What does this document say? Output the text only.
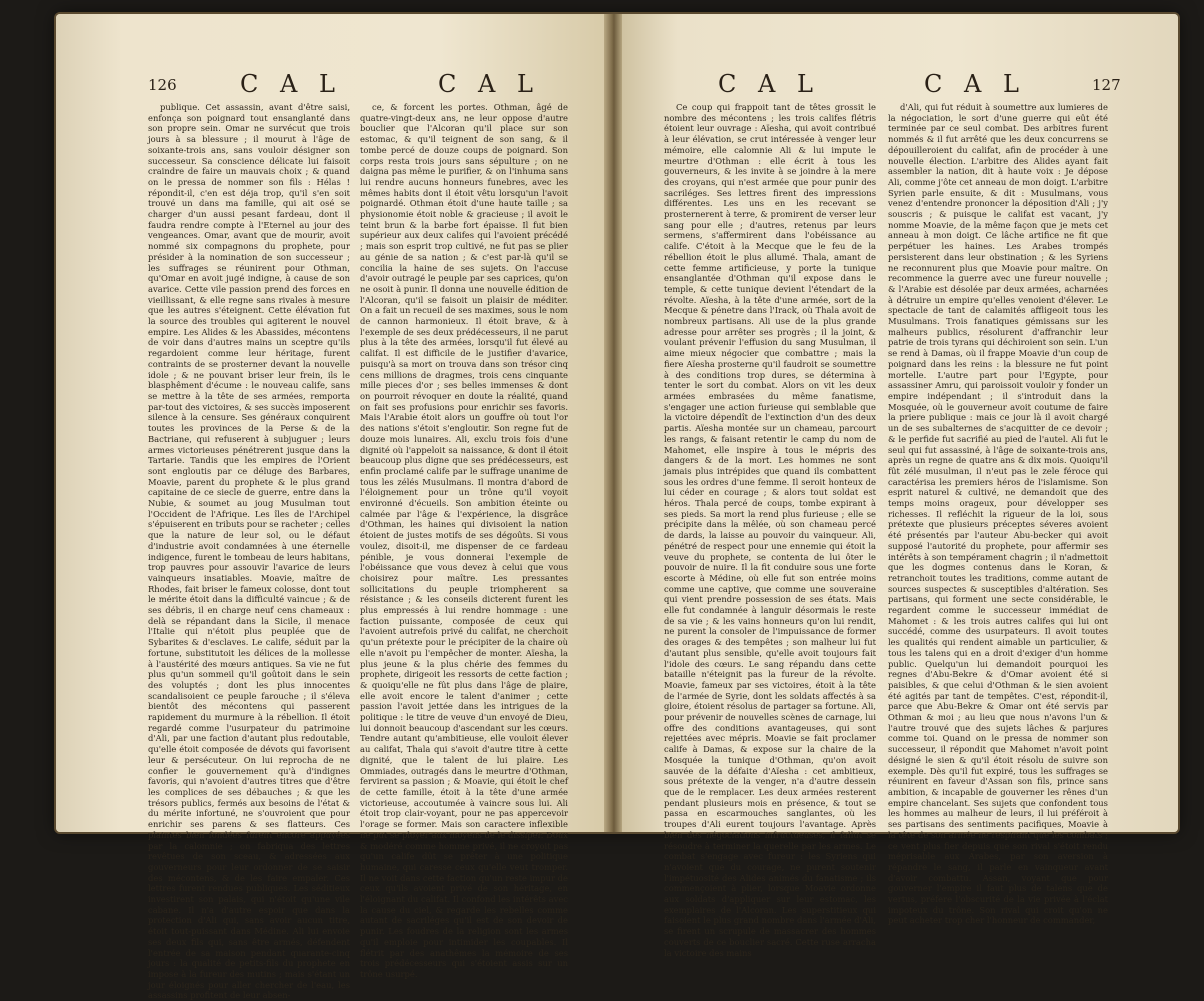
126	C A L	C A L

publique. Cet assassin, avant d'être saisi, enfonça son poignard tout ensanglanté dans son propre sein. Omar ne survécut que trois jours à sa blessure ; il mourut à l'âge de soixante-trois ans, sans vouloir désigner son successeur. Sa conscience délicate lui faisoit craindre de faire un mauvais choix ; & quand on le pressa de nommer son fils : Hélas ! répondit-il, c'en est déja trop, qu'il s'en soit trouvé un dans ma famille, qui ait osé se charger d'un aussi pesant fardeau, dont il faudra rendre compte à l'Eternel au jour des vengeances. Omar, avant que de mourir, avoit nommé six compagnons du prophete, pour présider à la nomination de son successeur ; les suffrages se réunirent pour Othman, qu'Omar en avoit jugé indigne, à cause de son avarice. Cette vile passion prend des forces en vieillissant, & elle regne sans rivales à mesure que les autres s'éteignent. Cette élévation fut la source des troubles qui agiterent le nouvel empire. Les Alides & les Abassides, mécontens de voir dans d'autres mains un sceptre qu'ils regardoient comme leur héritage, furent contraints de se prosterner devant la nouvelle idole ; & ne pouvant briser leur frein, ils le blasphêment d'écume : le nouveau calife, sans se mettre à la tête de ses armées, remporta par-tout des victoires, & ses succès imposerent silence à la censure. Ses généraux conquirent toutes les provinces de la Perse & de la Bactriane, qui refuserent à subjuguer ; leurs armes victorieuses pénétrerent jusque dans la Tartarie. Tandis que les empires de l'Orient sont engloutis par ce déluge des Barbares, Moavie, parent du prophete & le plus grand capitaine de ce siecle de guerre, entre dans la Nubie, & soumet au joug Musulman tout l'Occident de l'Afrique. Les îles de l'Archipel s'épuiserent en tributs pour se racheter ; celles que la nature de leur sol, ou le défaut d'industrie avoit condamnées à une éternelle indigence, furent le tombeau de leurs habitans, trop pauvres pour assouvir l'avarice de leurs vainqueurs insatiables. Moavie, maître de Rhodes, fait briser le fameux colosse, dont tout le mérite étoit dans la difficulté vaincue ; & de ses débris, il en charge neuf cens chameaux : delà se répandant dans la Sicile, il menace l'Italie qui n'étoit plus peuplée que de Sybarites & d'esclaves. Le calife, séduit par la fortune, substitutoit les délices de la mollesse à l'austérité des mœurs antiques. Sa vie ne fut plus qu'un sommeil qu'il goûtoit dans le sein des voluptés ; dont les plus innocentes scandalisoient ce peuple farouche ; il s'éleva bientôt des mécontens qui passerent rapidement du murmure à la rébellion. Il étoit regardé comme l'usurpateur du patrimoine d'Ali, par une faction d'autant plus redoutable, qu'elle étoit composée de dévots qui favorisent leur & persécuteur. On lui reprocha de ne confier le gouvernement qu'à d'indignes favoris, qui n'avoient d'autres titres que d'être les complices de ses débauches ; & que les trésors publics, fermés aux besoins de l'état & du mérite infortuné, ne s'ouvroient que pour enrichir ses parens & ses flatteurs. Ces plaintes bien fondées furent encore appuyées par la calomnie ; on fabriqua des lettres revêtues de son sceau, & adressées aux gouverneurs pour leur ordonner de se saisir des mécontens, & de les faire empaler. Ces lettres furent rendues publiques. Les séditieux investirent son palais, qui n'étoit qu'une vile cabane. Il n'a d'autre espoir que dans la protection d'Ali qui, sans avoir aucun titre, étoit tout-puissant dans Médine. Ali lui envoie ses deux fils qui, sans être armés, défendent l'entrée de sa maison pendant quarante-cinq jours : la qualité de petits-fils du prophete en impose à la fureur des mutins ; mais s'étant un jour éloignés pour aller chercher de l'eau, les assassins profitent de leur absen-

ce, & forcent les portes. Othman, âgé de quatre-vingt-deux ans, ne leur oppose d'autre bouclier que l'Alcoran qu'il place sur son estomac, & qu'il teignent de son sang, & il tombe percé de douze coups de poignard. Son corps resta trois jours sans sépulture ; on ne daigna pas même le purifier, & on l'inhuma sans lui rendre aucuns honneurs funebres, avec les mêmes habits dont il étoit vêtu lorsqu'un l'avoit poignardé. Othman étoit d'une haute taille ; sa physionomie étoit noble & gracieuse ; il avoit le teint brun & la barbe fort épaisse. Il fut bien supérieur aux deux califes qui l'avoient précédé ; mais son esprit trop cultivé, ne fut pas se plier au génie de sa nation ; & c'est par-là qu'il se concilia la haine de ses sujets. On l'accuse d'avoir outragé le peuple par ses caprices, qu'on ne osoit à punir. Il donna une nouvelle édition de l'Alcoran, qu'il se faisoit un plaisir de méditer. On a fait un recueil de ses maximes, sous le nom de cannon harmonieux. Il étoit brave, & à l'exemple de ses deux prédécesseurs, il ne parut plus à la tête des armées, lorsqu'il fut élevé au califat. Il est difficile de le justifier d'avarice, puisqu'à sa mort on trouva dans son trésor cinq cens millions de dragmes, trois cens cinquante mille pieces d'or ; ses belles immenses & dont on pourroit révoquer en doute la réalité, quand on fait ses profusions pour enrichir ses favoris. Mais l'Arabie étoit alors un gouffre où tout l'or des nations s'étoit s'engloutir. Son regne fut de douze mois lunaires. Ali, exclu trois fois d'une dignité où l'appeloit sa naissance, & dont il étoit beaucoup plus digne que ses prédécesseurs, est enfin proclamé calife par le suffrage unanime de tous les zélés Musulmans. Il montra d'abord de l'éloignement pour un trône qu'il voyoit environné d'écueils. Son ambition éteinte ou calmée par l'âge & l'expérience, la disgrâce d'Othman, les haines qui divisoient la nation étoient de justes motifs de ses dégoûts. Si vous voulez, disoit-il, me dispenser de ce fardeau pénible, je vous donnerai l'exemple de l'obéissance que vous devez à celui que vous choisirez pour maître. Les pressantes sollicitations du peuple triompherent sa résistance ; & les conseils dicterent furent les plus empressés à lui rendre hommage : une faction puissante, composée de ceux qui l'avoient autrefois privé du califat, ne cherchoit qu'un prétexte pour le précipiter de la chaire où elle n'avoit pu l'empêcher de monter. Aïesha, la plus jeune & la plus chérie des femmes du prophete, dirigeoit les ressorts de cette faction ; & quoiqu'elle ne fût plus dans l'âge de plaire, elle avoit encore le talent d'animer ; cette passion l'avoit jettée dans les intrigues de la politique : le titre de veuve d'un envoyé de Dieu, lui donnoit beaucoup d'ascendant sur les cœurs. Tendre autant qu'ambitieuse, elle vouloit élever au califat, Thala qui s'avoit d'autre titre à cette dignité, que le talent de lui plaire. Les Ommiades, outragés dans le meurtre d'Othman, fervirent sa passion ; & Moavie, qui étoit le chef de cette famille, étoit à la tête d'une armée victorieuse, accoutumée à vaincre sous lui. Ali étoit trop clair-voyant, pour ne pas appercevoir l'orage se former. Mais son caractere inflexible ne put se ployer aux moyens de le dissiper. Doux & modéré comme homme privé, il ne croyoit pas qu'un calife dût se prêter à une politique humaine, qui caresse ceux qu'elle veut tromper. Il ne voit dans cette faction qu'un reste impur de ceux qu'ils avoient privé de son héritage, en l'éloignant du califat. Il confond les intérêts avec la cause du ciel, & regarde les rebelles comme autant de sacriléges qu'il est de son devoir de punir. Les foudres de la religion sont les armes qu'il emploie pour intimider les coupables. Il flétrit par des anathêmes la mémoire de ses trois prédécesseurs qui s'étoient assis sur un trône usurpé.

C A L	C A L	127

Ce coup qui frappoit tant de têtes grossit le nombre des mécontens ; les trois califes flétris étoient leur ouvrage : Aïesha, qui avoit contribué à leur élévation, se crut intéressée à venger leur mémoire, elle calomnie Ali & lui impute le meurtre d'Othman : elle écrit à tous les gouverneurs, & les invite à se joindre à la mere des croyans, qui n'est armée que pour punir des sacriléges. Ses lettres firent des impressions différentes. Les uns en les recevant se prosternerent à terre, & promirent de verser leur sang pour elle ; d'autres, retenus par leurs sermens, s'affermirent dans l'obéissance au calife. C'étoit à la Mecque que le feu de la rébellion étoit le plus allumé. Thala, amant de cette femme artificieuse, y porte la tunique ensanglantée d'Othman qu'il expose dans le temple, & cette tunique devient l'étendart de la révolte. Aïesha, à la tête d'une armée, sort de la Mecque & pénetre dans l'Irack, où Thala avoit de nombreux partisans. Ali use de la plus grande adresse pour arrêter ses progrès ; il la joint, & voulant prévenir l'effusion du sang Musulman, il aime mieux négocier que combattre ; mais la fiere Aïesha prosterne qu'il faudroit se soumettre à des conditions trop dures, se détermina à tenter le sort du combat. Alors on vit les deux armées embrasées du même fanatisme, s'engager une action furieuse qui semblable que la victoire dépendît de l'extinction d'un des deux partis. Aïesha montée sur un chameau, parcourt les rangs, & faisant retentir le camp du nom de Mahomet, elle inspire à tous le mépris des dangers & de la mort. Les hommes ne sont jamais plus intrépides que quand ils combattent sous les ordres d'une femme. Il seroit honteux de lui céder en courage ; & alors tout soldat est héros. Thala percé de coups, tombe expirant à ses pieds. Sa mort la rend plus furieuse ; elle se précipite dans la mêlée, où son chameau percé de dards, la laisse au pouvoir du vainqueur. Ali, pénétré de respect pour une ennemie qui étoit la veuve du prophete, se contenta de lui ôter le pouvoir de nuire. Il la fit conduire sous une forte escorte à Médine, où elle fut son entrée moins comme une captive, que comme une souveraine qui vient prendre possession de ses états. Mais elle fut condamnée à languir désormais le reste de sa vie ; & les vains honneurs qu'on lui rendit, ne purent la consoler de l'impuissance de former des orages & des tempêtes ; son malheur lui fut d'autant plus sensible, qu'elle avoit toujours fait l'idole des cœurs. Le sang répandu dans cette bataille n'éteignit pas la fureur de la révolte. Moavie, fameux par ses victoires, étoit à la tête de l'armée de Syrie, dont les soldats affectés à sa gloire, étoient résolus de partager sa fortune. Ali, pour prévenir de nouvelles scènes de carnage, lui offre des conditions avantageuses, qui sont rejettées avec mépris. Moavie se fait proclamer calife à Damas, & expose sur la chaire de la Mosquée la tunique d'Othman, qu'on avoit sauvée de la défaite d'Aïesha : cet ambitieux, sous prétexte de la venger, n'a d'autre dessein que de le remplacer. Les deux armées resterent pendant plusieurs mois en présence, & tout se passa en escarmouches sanglantes, où les troupes d'Ali eurent toujours l'avantage. Après bien des négociations infructueuses, il fallut se résoudre à terminer la querelle par les armes. Le combat s'engage avec fureur : les Syriens qui n'avoient que du courage, ne purent soutenir l'impétuosité des Alides animés du fanatisme ; ils commençoient à plier, lorsque Moavie ordonne aux soldats d'appliquer sur leur estomac, les exemplaires de l'Alcoran. Les superstitieux qui faisoient le plus grand nombre dans l'armée d'Ali, se firent un scrupule de massacrer des hommes couverts de ce bouclier sacré. Cette ruse arracha la victoire des mains

d'Ali, qui fut réduit à soumettre aux lumieres de la négociation, le sort d'une guerre qui eût été terminée par ce seul combat. Des arbitres furent nommés & il fut arrêté que les deux concurrens se dépouilleroient du califat, afin de procéder à une nouvelle élection. L'arbitre des Alides ayant fait assembler la nation, dit à haute voix : Je dépose Ali, comme j'ôte cet anneau de mon doigt. L'arbitre Syrien parle ensuite, & dit : Musulmans, vous venez d'entendre prononcer la déposition d'Ali ; j'y souscris ; & puisque le califat est vacant, j'y nomme Moavie, de la même façon que je mets cet anneau à mon doigt. Ce lâche artifice ne fit que perpétuer les haines. Les Arabes trompés persisterent dans leur obstination ; & les Syriens ne reconnurent plus que Moavie pour maître. On recommence la guerre avec une fureur nouvelle ; & l'Arabie est désolée par deux armées, acharnées à détruire un empire qu'elles venoient d'élever. Le spectacle de tant de calamités affligeoit tous les Musulmans. Trois fanatiques gémissans sur les malheurs publics, résolurent d'affranchir leur patrie de trois tyrans qui déchiroient son sein. L'un se rend à Damas, où il frappe Moavie d'un coup de poignard dans les reins : la blessure ne fut point mortelle. L'autre part pour l'Egypte, pour assassiner Amru, qui paroissoit vouloir y fonder un empire indépendant ; il s'introduit dans la Mosquée, où le gouverneur avoit coutume de faire la priere publique : mais ce jour là il avoit chargé un de ses subalternes de s'acquitter de ce devoir ; & le perfide fut sacrifié au pied de l'autel. Ali fut le seul qui fut assassiné, à l'âge de soixante-trois ans, après un regne de quatre ans & dix mois. Quoiqu'il fût zélé musulman, il n'eut pas le zele féroce qui caractérisa les premiers héros de l'islamisme. Son esprit naturel & cultivé, ne demandoit que des temps moins orageux, pour développer ses richesses. Il refléchit la rigueur de la loi, sous prétexte que plusieurs préceptes séveres avoient été présentés par l'auteur Abu-becker qui avoit supposé l'autorité du prophete, pour affermir ses intérêts à son tempérament chagrin ; il n'admettoit que les dogmes contenus dans le Koran, & retranchoit toutes les traditions, comme autant de sources suspectes & susceptibles d'altération. Ses partisans, qui forment une secte considérable, le regardent comme le successeur immédiat de Mahomet : & les trois autres califes qui lui ont succédé, comme des usurpateurs. Il avoit toutes les qualités qui rendent aimable un particulier, & tous les talens qui en a droit d'exiger d'un homme public. Quelqu'un lui demandoit pourquoi les regnes d'Abu-Bekre & d'Omar avoient été si paisibles, & que celui d'Othman & le sien avoient été agités par tant de tempêtes. C'est, répondit-il, parce que Abu-Bekre & Omar ont été servis par Othman & moi ; au lieu que nous n'avons l'un & l'autre trouvé que des sujets lâches & parjures comme toi. Quand on le pressa de nommer son successeur, il répondit que Mahomet n'avoit point désigné le sien & qu'il étoit résolu de suivre son exemple. Dès qu'il fut expiré, tous les suffrages se réunirent en faveur d'Assan son fils, prince sans ambition, & incapable de gouverner les rênes d'un empire chancelant. Ses sujets que confondent tous les hommes au malheur de leurs, il lui préféroit à ses partisans des sentiments pacifiques, Moavie à la tête de son armée ne respirant que les combats ; ce vent plus fier depuis que son rival s'étoit rendu méprisable aux Arabes, par son aversion à répandre le sang, il parle en vainqueur avant d'avoir combattu. Assan, voyant que pour gouverner l'empire il faut plus de talens que de vertus, préfere l'obscurité de la vie privée à l'éclat impoteux du trône. Son rival qui croit qu'on ne peut acheter trop cher l'honneur de commander,
